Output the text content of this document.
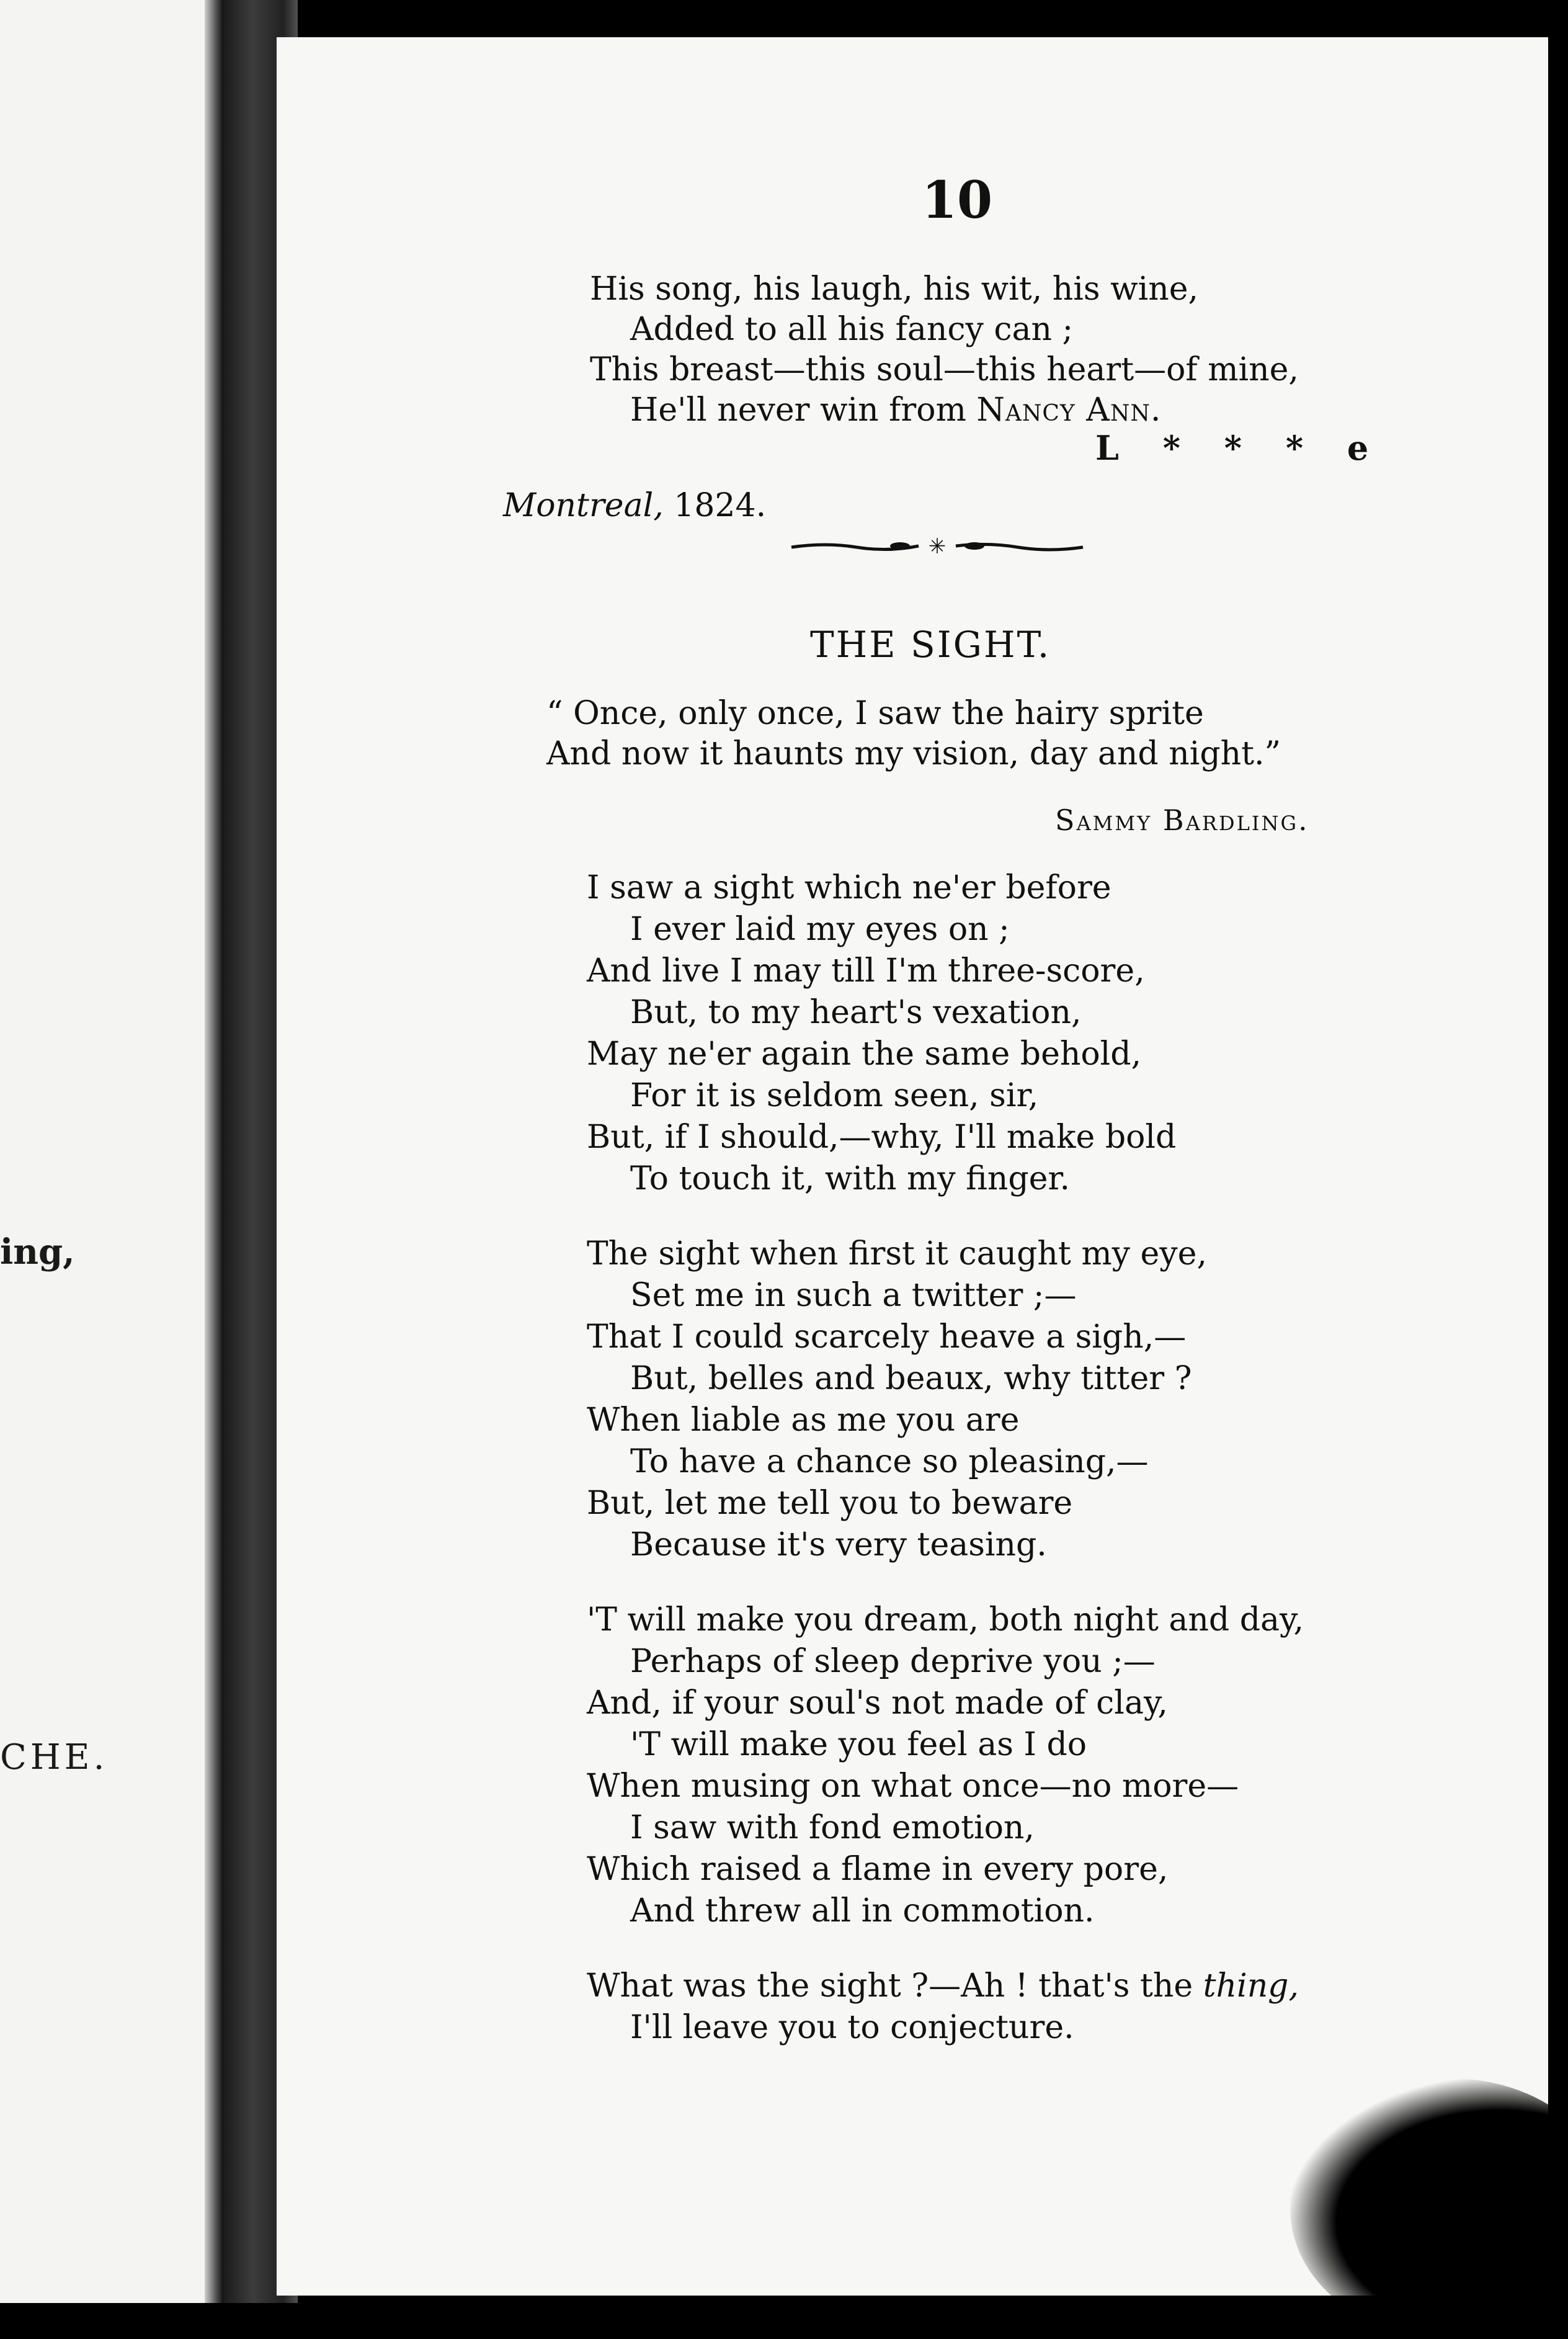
ing,
CHE.
10
His song, his laugh, his wit, his wine,
Added to all his fancy can ;
This breast—this soul—this heart—of mine,
He'll never win from Nancy Ann.
L * * * e
Montreal, 1824.
✳
THE SIGHT.
“ Once, only once, I saw the hairy sprite
And now it haunts my vision, day and night.”
Sammy Bardling.
I saw a sight which ne'er before
I ever laid my eyes on ;
And live I may till I'm three-score,
But, to my heart's vexation,
May ne'er again the same behold,
For it is seldom seen, sir,
But, if I should,—why, I'll make bold
To touch it, with my finger.
The sight when first it caught my eye,
Set me in such a twitter ;—
That I could scarcely heave a sigh,—
But, belles and beaux, why titter ?
When liable as me you are
To have a chance so pleasing,—
But, let me tell you to beware
Because it's very teasing.
'T will make you dream, both night and day,
Perhaps of sleep deprive you ;—
And, if your soul's not made of clay,
'T will make you feel as I do
When musing on what once—no more—
I saw with fond emotion,
Which raised a flame in every pore,
And threw all in commotion.
What was the sight ?—Ah ! that's the thing,
I'll leave you to conjecture.
